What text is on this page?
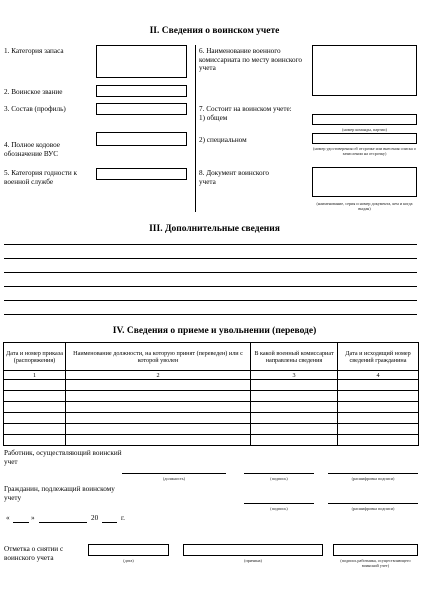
II. Сведения о воинском учете
1. Категория запаса
2. Воинское звание
3. Состав (профиль)
4. Полное кодовое обозначение ВУС
5. Категория годности к военной службе
6. Наименование военного комиссариата по месту воинского учета
7. Состоит на воинском учете:
1) общем
(номер команды, партии)
2) специальном
(номер удостоверения об отсрочке или внесения списка о зачислении на отсрочку)
8. Документ воинского учета
(наименование, серия и номер документа, кем и когда выдан)
III. Дополнительные сведения
IV. Сведения о приеме и увольнении (переводе)
Дата и номер приказа (распоряжения)	Наименование должности, на которую принят (переведен) или с которой уволен	В какой военный комиссариат направлены сведения	Дата и исходящий номер сведений гражданина
1	2	3	4

Работник, осуществляющий воинский учет
(должность)	(подпись)	(расшифровка подписи)
Гражданин, подлежащий воинскому учету
(подпись)	(расшифровка подписи)
«	»	20	г.
Отметка о снятии с воинского учета	(дата)	(причина)	(подпись работника, осуществляющего воинский учет)
